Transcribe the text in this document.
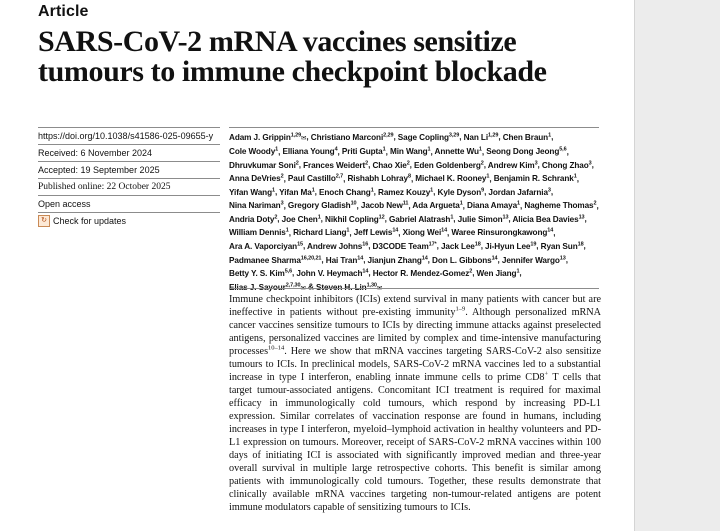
Article
SARS-CoV-2 mRNA vaccines sensitize tumours to immune checkpoint blockade
https://doi.org/10.1038/s41586-025-09655-y
Received: 6 November 2024
Accepted: 19 September 2025
Published online: 22 October 2025
Open access
↻ Check for updates
Adam J. Grippin$^{1,29}$✉, Christiano Marconi$^{2,29}$, Sage Copling$^{3,29}$, Nan Li$^{1,29}$, Chen Braun$^1$, Cole Woody$^1$, Elliana Young$^4$, Priti Gupta$^1$, Min Wang$^1$, Annette Wu$^1$, Seong Dong Jeong$^{5,6}$, Dhruvkumar Soni$^2$, Frances Weidert$^2$, Chao Xie$^2$, Eden Goldenberg$^2$, Andrew Kim$^3$, Chong Zhao$^3$, Anna DeVries$^2$, Paul Castillo$^{2,7}$, Rishabh Lohray$^8$, Michael K. Rooney$^1$, Benjamin R. Schrank$^1$, Yifan Wang$^1$, Yifan Ma$^1$, Enoch Chang$^1$, Ramez Kouzy$^1$, Kyle Dyson$^9$, Jordan Jafarnia$^3$, Nina Nariman$^3$, Gregory Gladish$^{10}$, Jacob New$^{11}$, Ada Argueta$^1$, Diana Amaya$^1$, Nagheme Thomas$^2$, Andria Doty$^2$, Joe Chen$^1$, Nikhil Copling$^{12}$, Gabriel Alatrash$^1$, Julie Simon$^{13}$, Alicia Bea Davies$^{13}$, William Dennis$^1$, Richard Liang$^1$, Jeff Lewis$^{14}$, Xiong Wei$^{14}$, Waree Rinsurongkawong$^{14}$, Ara A. Vaporciyan$^{15}$, Andrew Johns$^{16}$, D3CODE Team$^{17*}$, Jack Lee$^{18}$, Ji-Hyun Lee$^{19}$, Ryan Sun$^{18}$, Padmanee Sharma$^{16,20,21}$, Hai Tran$^{14}$, Jianjun Zhang$^{14}$, Don L. Gibbons$^{14}$, Jennifer Wargo$^{13}$, Betty Y. S. Kim$^{5,6}$, John V. Heymach$^{14}$, Hector R. Mendez-Gomez$^2$, Wen Jiang$^1$, Elias J. Sayour$^{2,7,30}$✉ & Steven H. Lin$^{1,30}$✉

Immune checkpoint inhibitors (ICIs) extend survival in many patients with cancer but are ineffective in patients without pre-existing immunity$^{1-9}$. Although personalized mRNA cancer vaccines sensitize tumours to ICIs by directing immune attacks against preselected antigens, personalized vaccines are limited by complex and time-intensive manufacturing processes$^{10-14}$. Here we show that mRNA vaccines targeting SARS-CoV-2 also sensitize tumours to ICIs. In preclinical models, SARS-CoV-2 mRNA vaccines led to a substantial increase in type I interferon, enabling innate immune cells to prime CD8+ T cells that target tumour-associated antigens. Concomitant ICI treatment is required for maximal efficacy in immunologically cold tumours, which respond by increasing PD-L1 expression. Similar correlates of vaccination response are found in humans, including increases in type I interferon, myeloid–lymphoid activation in healthy volunteers and PD-L1 expression on tumours. Moreover, receipt of SARS-CoV-2 mRNA vaccines within 100 days of initiating ICI is associated with significantly improved median and three-year overall survival in multiple large retrospective cohorts. This benefit is similar among patients with immunologically cold tumours. Together, these results demonstrate that clinically available mRNA vaccines targeting non-tumour-related antigens are potent immune modulators capable of sensitizing tumours to ICIs.
